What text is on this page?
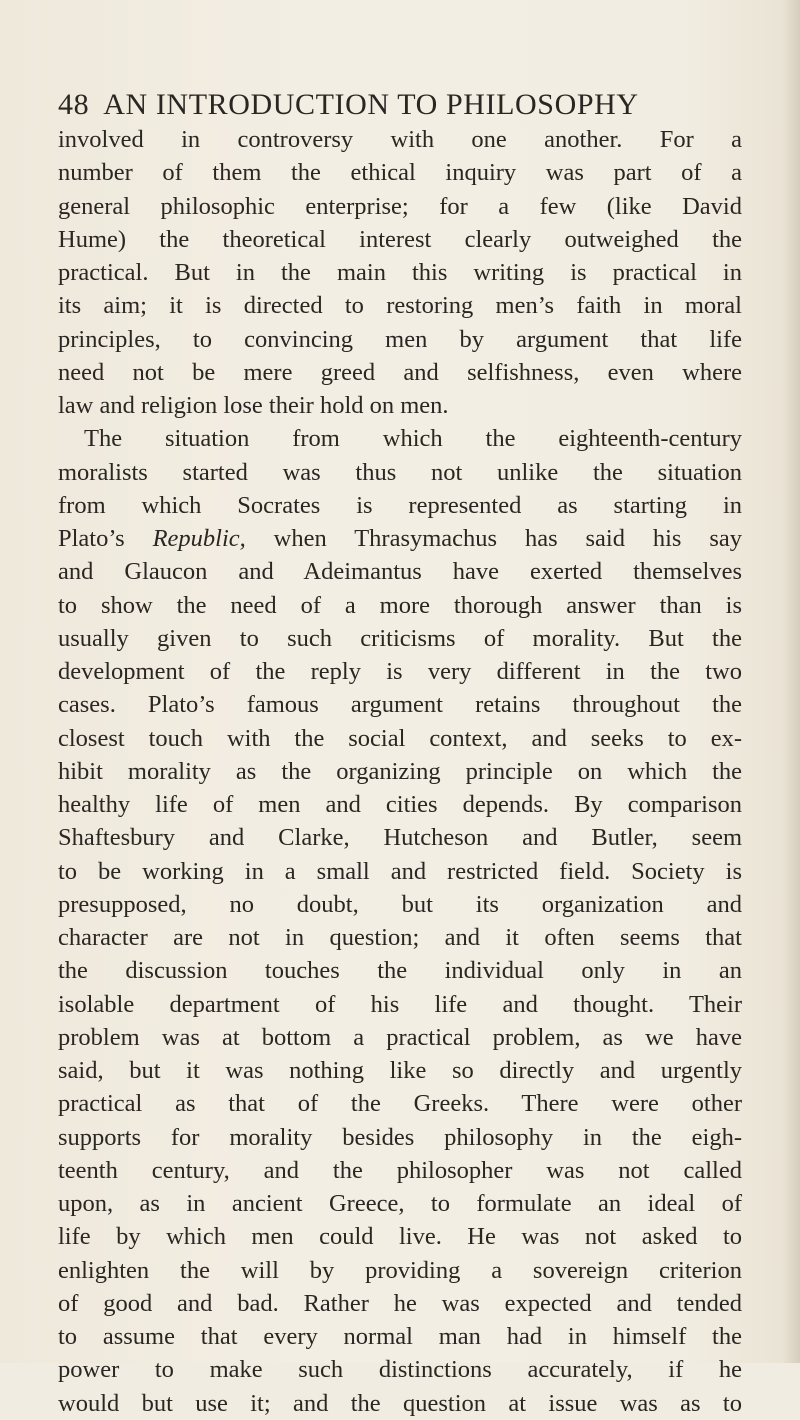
48 AN INTRODUCTION TO PHILOSOPHY
involved in controversy with one another. For a
number of them the ethical inquiry was part of a
general philosophic enterprise; for a few (like David
Hume) the theoretical interest clearly outweighed the
practical. But in the main this writing is practical in
its aim; it is directed to restoring men’s faith in moral
principles, to convincing men by argument that life
need not be mere greed and selfishness, even where
law and religion lose their hold on men.
The situation from which the eighteenth-century
moralists started was thus not unlike the situation
from which Socrates is represented as starting in
Plato’s Republic, when Thrasymachus has said his say
and Glaucon and Adeimantus have exerted themselves
to show the need of a more thorough answer than is
usually given to such criticisms of morality. But the
development of the reply is very different in the two
cases. Plato’s famous argument retains throughout the
closest touch with the social context, and seeks to ex-
hibit morality as the organizing principle on which the
healthy life of men and cities depends. By comparison
Shaftesbury and Clarke, Hutcheson and Butler, seem
to be working in a small and restricted field. Society is
presupposed, no doubt, but its organization and
character are not in question; and it often seems that
the discussion touches the individual only in an
isolable department of his life and thought. Their
problem was at bottom a practical problem, as we have
said, but it was nothing like so directly and urgently
practical as that of the Greeks. There were other
supports for morality besides philosophy in the eigh-
teenth century, and the philosopher was not called
upon, as in ancient Greece, to formulate an ideal of
life by which men could live. He was not asked to
enlighten the will by providing a sovereign criterion
of good and bad. Rather he was expected and tended
to assume that every normal man had in himself the
power to make such distinctions accurately, if he
would but use it; and the question at issue was as to
